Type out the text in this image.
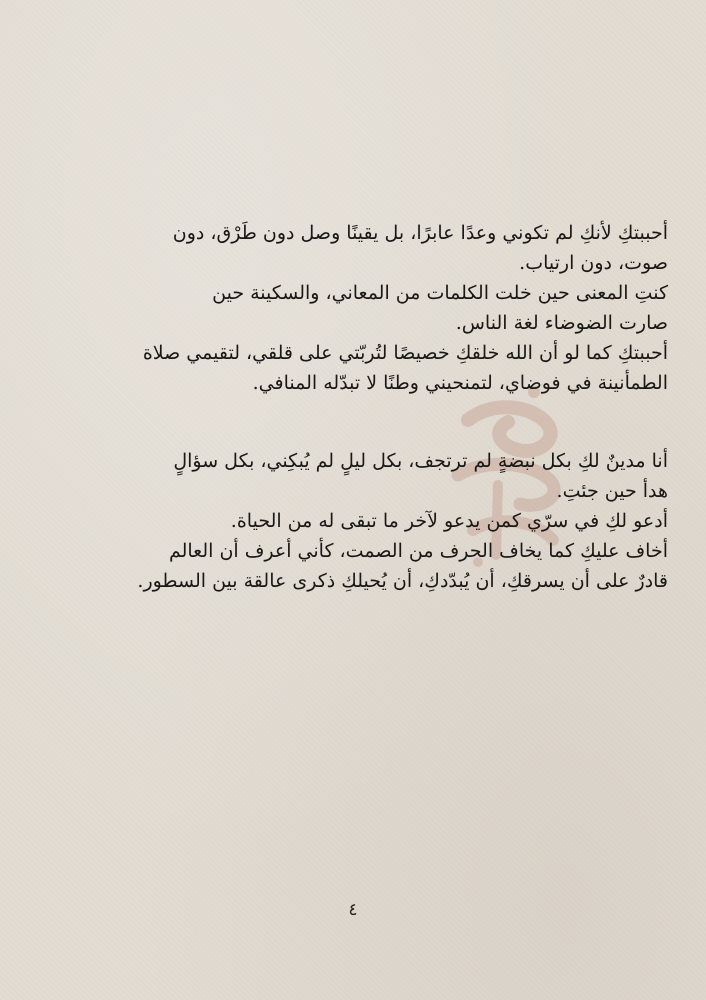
أحببتكِ لأنكِ لم تكوني وعدًا عابرًا، بل يقينًا وصل دون طَرْق، دون
صوت، دون ارتياب.

كنتِ المعنى حين خلت الكلمات من المعاني، والسكينة حين
صارت الضوضاء لغة الناس.

أحببتكِ كما لو أن الله خلقكِ خصيصًا لتُربّتي على قلقي، لتقيمي صلاة
الطمأنينة في فوضاي، لتمنحيني وطنًا لا تبدّله المنافي.

أنا مدينٌ لكِ بكل نبضةٍ لم ترتجف، بكل ليلٍ لم يُبكِني، بكل سؤالٍ
هدأ حين جئتِ.

أدعو لكِ في سرّي كمن يدعو لآخر ما تبقى له من الحياة.

أخاف عليكِ كما يخاف الحرف من الصمت، كأني أعرف أن العالم
قادرٌ على أن يسرقكِ، أن يُبدّدكِ، أن يُحيلكِ ذكرى عالقة بين السطور.

٤
